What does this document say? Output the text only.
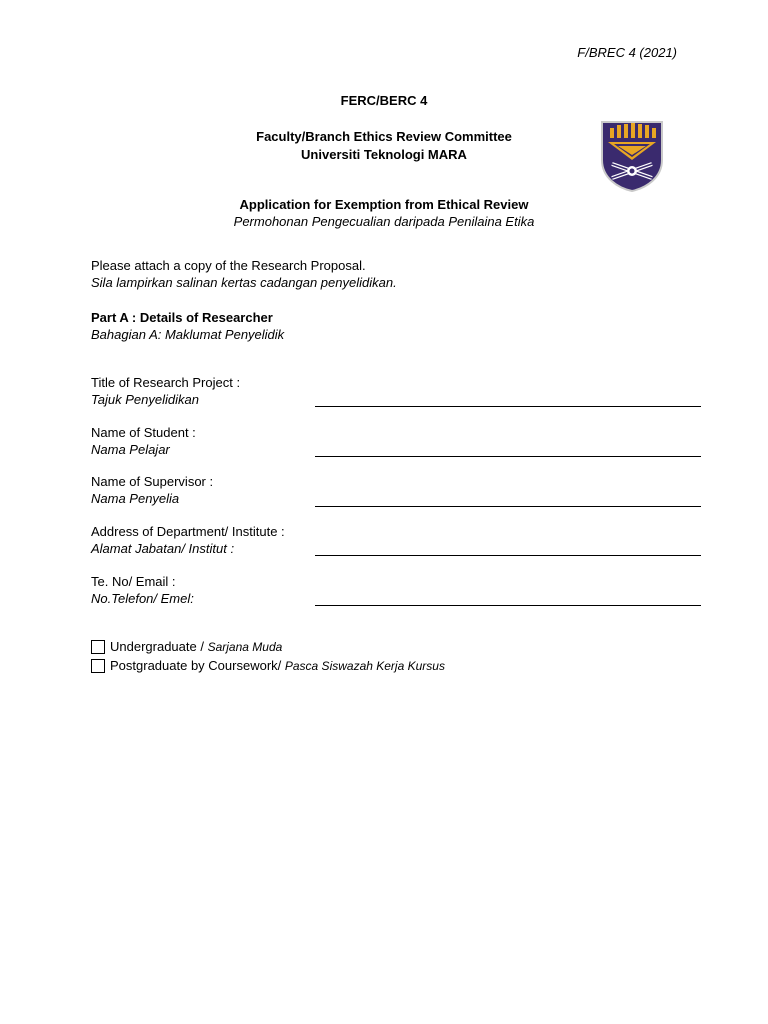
F/BREC 4 (2021)
FERC/BERC 4
Faculty/Branch Ethics Review Committee
Universiti Teknologi MARA
Application for Exemption from Ethical Review
Permohonan Pengecualian daripada Penilaina Etika
Please attach a copy of the Research Proposal.
Sila lampirkan salinan kertas cadangan penyelidikan.
Part A : Details of Researcher
Bahagian A: Maklumat Penyelidik
Title of Research Project :
Tajuk Penyelidikan
Name of Student :
Nama Pelajar
Name of Supervisor :
Nama Penyelia
Address of Department/ Institute :
Alamat Jabatan/ Institut :
Te. No/ Email :
No.Telefon/ Emel:
Undergraduate / Sarjana Muda
Postgraduate by Coursework/ Pasca Siswazah Kerja Kursus
